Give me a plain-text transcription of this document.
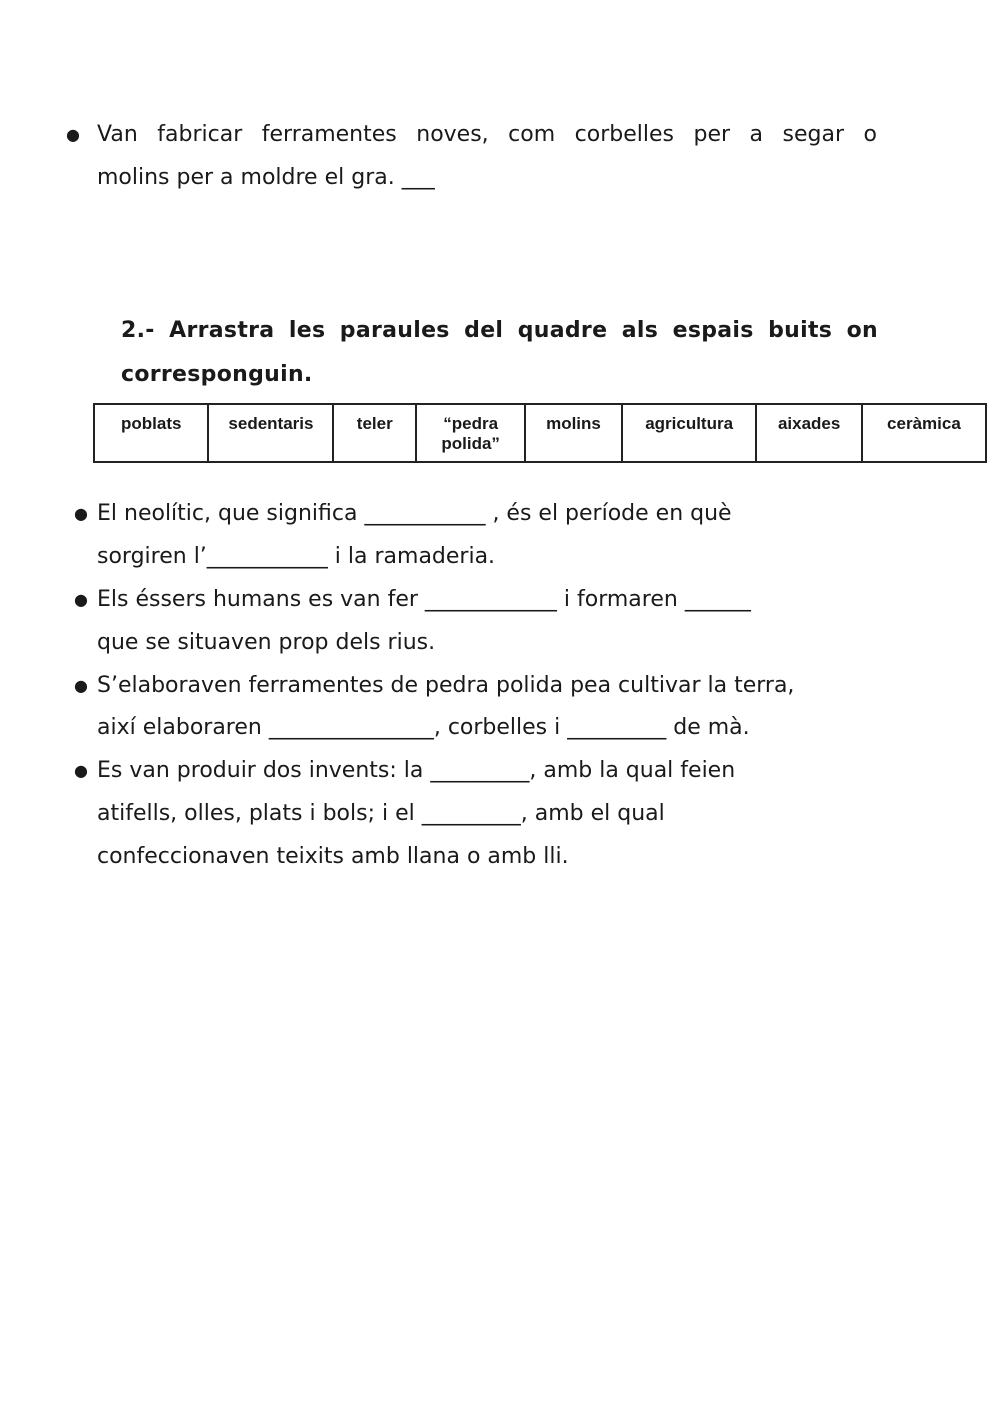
● Van fabricar ferramentes noves, com corbelles per a segar o
molins per a moldre el gra. ___
2.- Arrastra les paraules del quadre als espais buits on
corresponguin.
poblats	sedentaris	teler	“pedra polida”	molins	agricultura	aixades	ceràmica
● El neolític, que significa ___________ , és el període en què
sorgiren l’___________ i la ramaderia.
● Els éssers humans es van fer ____________ i formaren ______
que se situaven prop dels rius.
● S’elaboraven ferramentes de pedra polida pea cultivar la terra,
així elaboraren _______________, corbelles i _________ de mà.
● Es van produir dos invents: la _________, amb la qual feien
atifells, olles, plats i bols; i el _________, amb el qual
confeccionaven teixits amb llana o amb lli.
